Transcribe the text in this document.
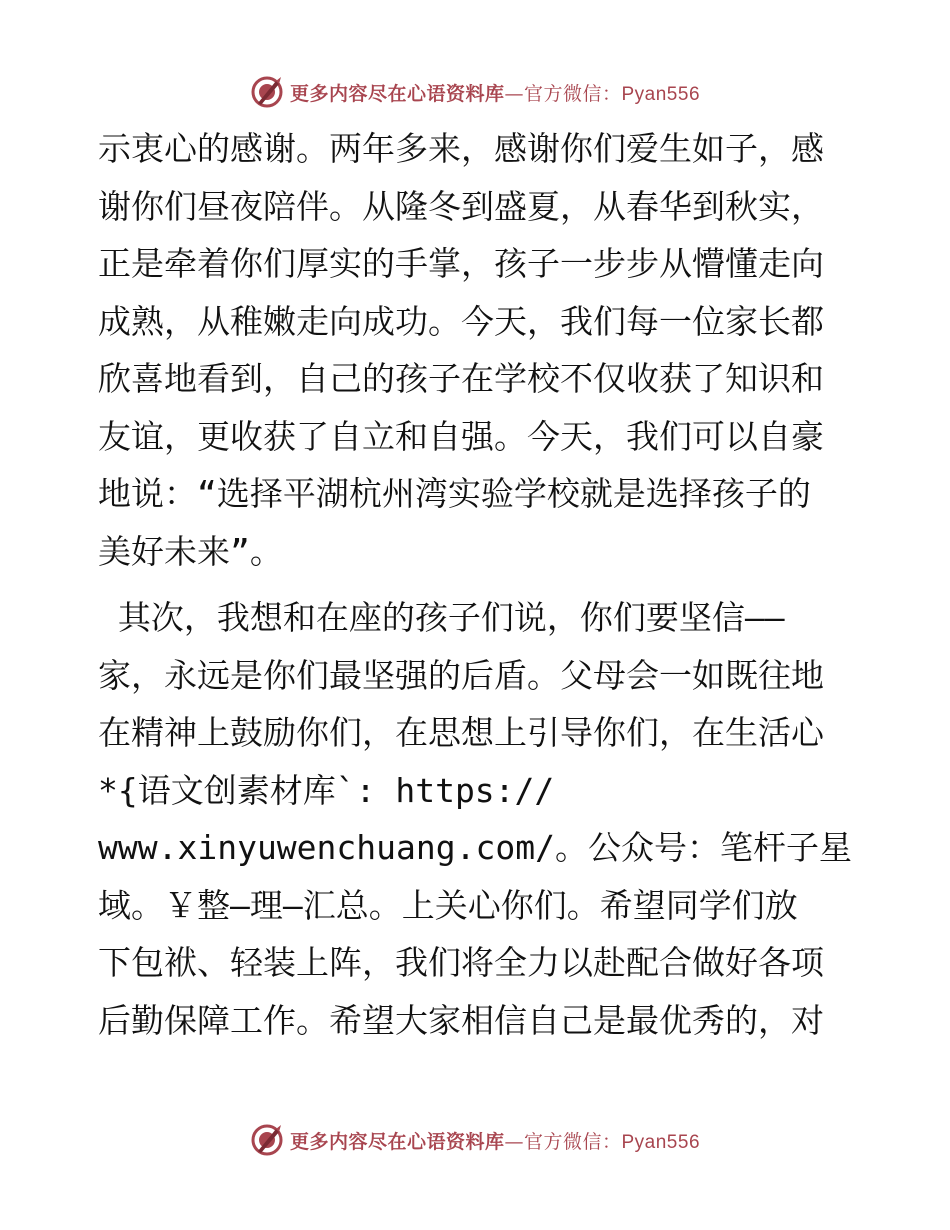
更多内容尽在心语资料库—官方微信：Pyan556
示衷心的感谢。两年多来，感谢你们爱生如子，感
谢你们昼夜陪伴。从隆冬到盛夏，从春华到秋实，
正是牵着你们厚实的手掌，孩子一步步从懵懂走向
成熟，从稚嫩走向成功。今天，我们每一位家长都
欣喜地看到，自己的孩子在学校不仅收获了知识和
友谊，更收获了自立和自强。今天，我们可以自豪
地说：“选择平湖杭州湾实验学校就是选择孩子的
美好未来”。
其次，我想和在座的孩子们说，你们要坚信——
家，永远是你们最坚强的后盾。父母会一如既往地
在精神上鼓励你们，在思想上引导你们，在生活心
*{语文创素材库`: https://
www.xinyuwenchuang.com/。公众号：笔杆子星
域。￥整—理—汇总。上关心你们。希望同学们放
下包袱、轻装上阵，我们将全力以赴配合做好各项
后勤保障工作。希望大家相信自己是最优秀的，对
更多内容尽在心语资料库—官方微信：Pyan556
